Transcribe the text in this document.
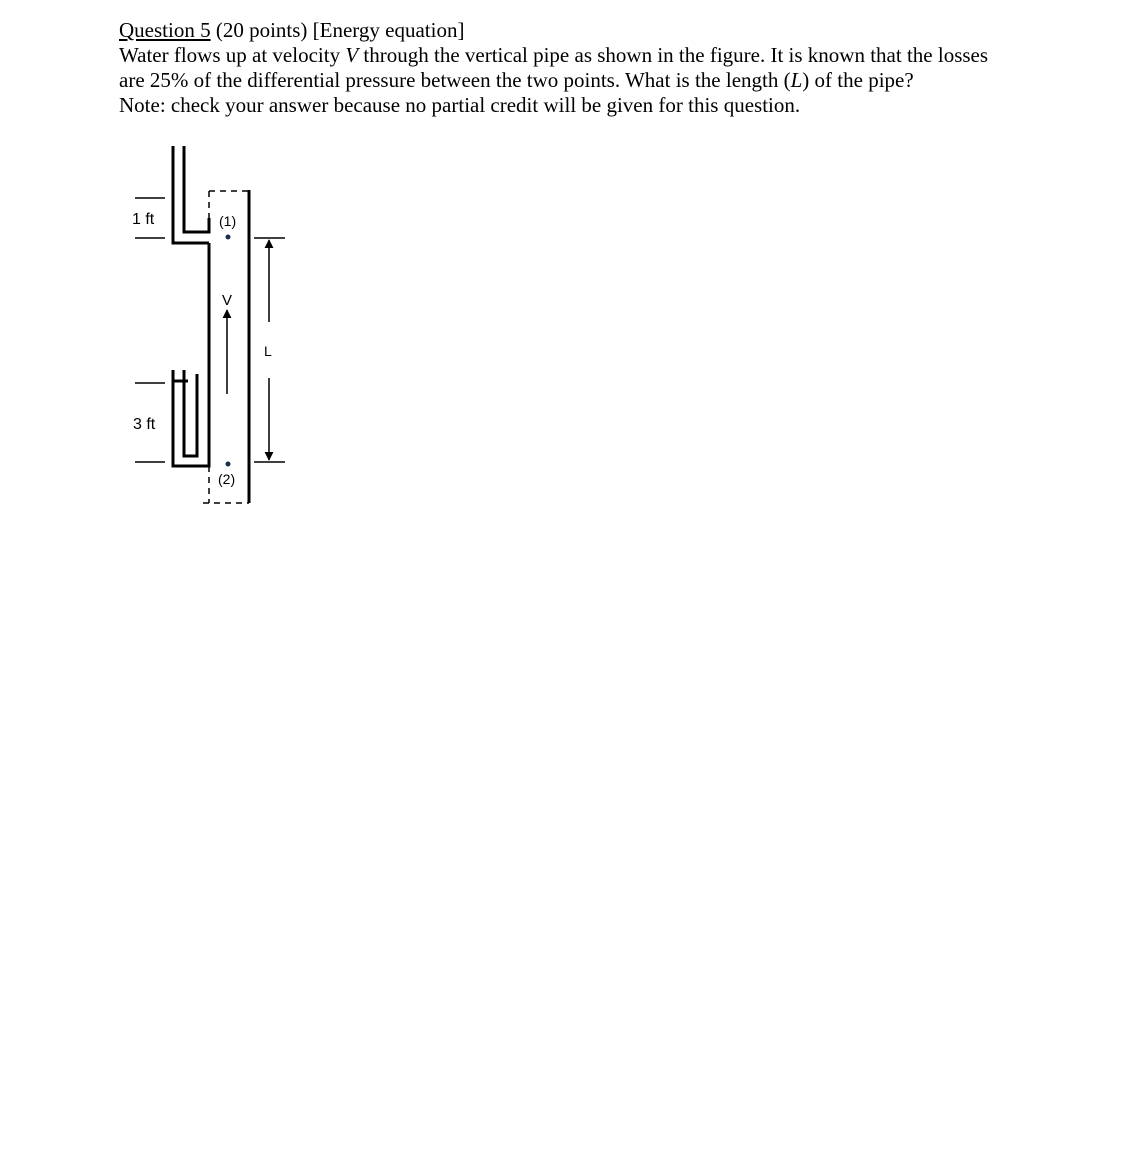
Question 5 (20 points) [Energy equation]

Water flows up at velocity V through the vertical pipe as shown in the figure. It is known that the losses

are 25% of the differential pressure between the two points. What is the length (L) of the pipe?

Note: check your answer because no partial credit will be given for this question.

1 ft
3 ft
(1)
(2)
V
L
